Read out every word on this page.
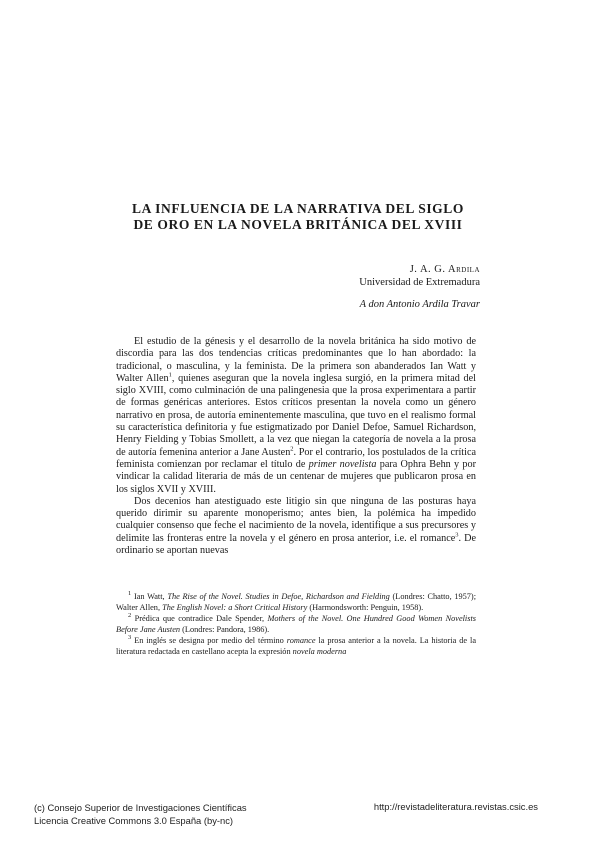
LA INFLUENCIA DE LA NARRATIVA DEL SIGLO
DE ORO EN LA NOVELA BRITÁNICA DEL XVIII
J. A. G. Ardila
Universidad de Extremadura
A don Antonio Ardila Travar

El estudio de la génesis y el desarrollo de la novela británica ha sido motivo de discordia para las dos tendencias críticas predominantes que lo han abordado: la tradicional, o masculina, y la feminista. De la primera son abanderados Ian Watt y Walter Allen$^1$, quienes aseguran que la novela inglesa surgió, en la primera mitad del siglo XVIII, como culminación de una palingenesia que la prosa experimentara a partir de formas genéricas anteriores. Estos críticos presentan la novela como un género narrativo en prosa, de autoría eminentemente masculina, que tuvo en el realismo formal su característica definitoria y fue estigmatizado por Daniel Defoe, Samuel Richardson, Henry Fielding y Tobias Smollett, a la vez que niegan la categoría de novela a la prosa de autoría femenina anterior a Jane Austen$^2$. Por el contrario, los postulados de la crítica feminista comienzan por reclamar el título de primer novelista para Ophra Behn y por vindicar la calidad literaria de más de un centenar de mujeres que publicaron prosa en los siglos XVII y XVIII.

Dos decenios han atestiguado este litigio sin que ninguna de las posturas haya querido dirimir su aparente monoperismo; antes bien, la polémica ha impedido cualquier consenso que feche el nacimiento de la novela, identifique a sus precursores y delimite las fronteras entre la novela y el género en prosa anterior, i.e. el romance$^3$. De ordinario se aportan nuevas

$^1$ Ian Watt, The Rise of the Novel. Studies in Defoe, Richardson and Fielding (Londres: Chatto, 1957); Walter Allen, The English Novel: a Short Critical History (Harmondsworth: Penguin, 1958).

$^2$ Prédica que contradice Dale Spender, Mothers of the Novel. One Hundred Good Women Novelists Before Jane Austen (Londres: Pandora, 1986).

$^3$ En inglés se designa por medio del término romance la prosa anterior a la novela. La historia de la literatura redactada en castellano acepta la expresión novela moderna

(c) Consejo Superior de Investigaciones Científicas
Licencia Creative Commons 3.0 España (by-nc)
http://revistadeliteratura.revistas.csic.es
